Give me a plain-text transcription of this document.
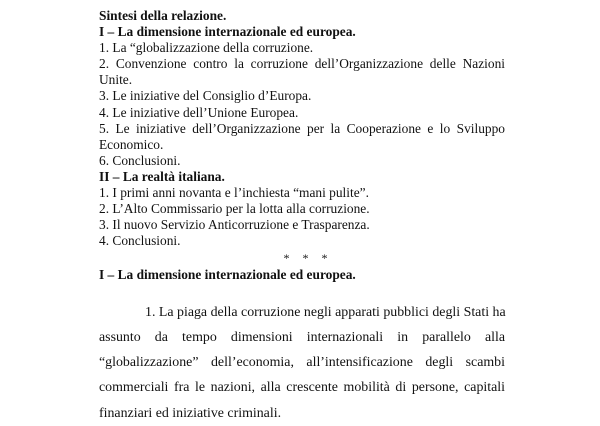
Sintesi della relazione.
I – La dimensione internazionale ed europea.
1. La “globalizzazione della corruzione.
2. Convenzione contro la corruzione dell’Organizzazione delle Nazioni
Unite.
3. Le iniziative del Consiglio d’Europa.
4. Le iniziative dell’Unione Europea.
5. Le iniziative dell’Organizzazione per la Cooperazione e lo Sviluppo
Economico.
6. Conclusioni.
II – La realtà italiana.
1. I primi anni novanta e l’inchiesta “mani pulite”.
2. L’Alto Commissario per la lotta alla corruzione.
3. Il nuovo Servizio Anticorruzione e Trasparenza.
4. Conclusioni.
* * *
I – La dimensione internazionale ed europea.
1. La piaga della corruzione negli apparati pubblici degli Stati ha
assunto da tempo dimensioni internazionali in parallelo alla
“globalizzazione” dell’economia, all’intensificazione degli scambi
commerciali fra le nazioni, alla crescente mobilità di persone, capitali
finanziari ed iniziative criminali.
